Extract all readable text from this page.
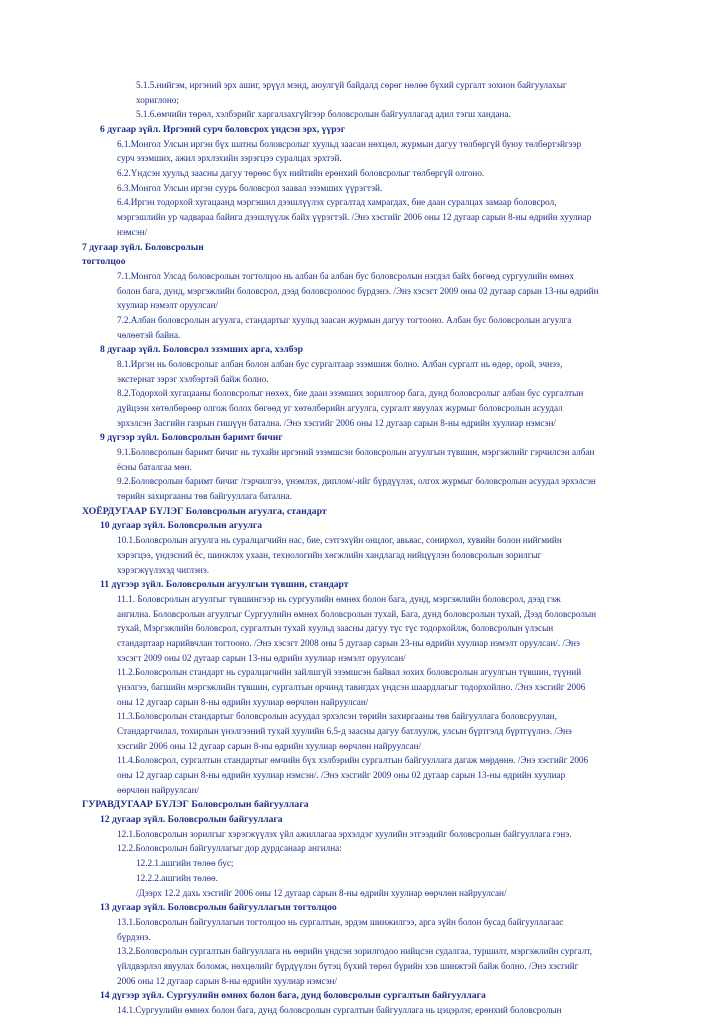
5.1.5.нийгэм, иргэний эрх ашиг, эрүүл мэнд, аюулгүй байдалд сөрөг нөлөө бүхий сургалт зохион байгуулахыг
хориглоно;
5.1.6.өмчийн төрөл, хэлбэрийг харгалзахгүйгээр боловсролын байгууллагад адил тэгш хандана.
6 дугаар зүйл. Иргэний сурч боловсрох үндсэн эрх, үүрэг
6.1.Монгол Улсын иргэн бүх шатны боловсролыг хуульд заасан нөхцөл, журмын дагуу төлбөргүй буюу төлбөртэйгээр
сурч эзэмших, ажил эрхлэхийн зэрэгцээ суралцах эрхтэй.
6.2.Үндсэн хуульд заасны дагуу төрөөс бүх нийтийн ерөнхий боловсролыг төлбөргүй олгоно.
6.3.Монгол Улсын иргэн суурь боловсрол заавал эзэмших үүрэгтэй.
6.4.Иргэн тодорхой хугацаанд мэргэшил дээшлүүлэх сургалтад хамрагдах, бие даан суралцах замаар боловсрол,
мэргэшлийн ур чадвараа байнга дээшлүүлж байх үүрэгтэй. /Энэ хэсгийг 2006 оны 12 дугаар сарын 8-ны өдрийн хуулиар
нэмсэн/
7 дугаар зүйл. Боловсролын
тогтолцоо
7.1.Монгол Улсад боловсролын тогтолцоо нь албан ба албан бус боловсролын нэгдэл байх бөгөөд сургуулийн өмнөх
болон бага, дунд, мэргэжлийн боловсрол, дээд боловсролоос бүрдэнэ. /Энэ хэсэгт 2009 оны 02 дугаар сарын 13-ны өдрийн
хуулиар нэмэлт оруулсан/
7.2.Албан боловсролын агуулга, стандартыг хуульд заасан журмын дагуу тогтооно. Албан бус боловсролын агуулга
чөлөөтэй байна.
8 дугаар зүйл. Боловсрол эзэмших арга, хэлбэр
8.1.Иргэн нь боловсролыг албан болон албан бус сургалтаар эзэмшиж болно. Албан сургалт нь өдөр, орой, эчнээ,
экстернат зэрэг хэлбэртэй байж болно.
8.2.Тодорхой хугацааны боловсролыг нөхөх, бие даан эзэмших зорилгоор бага, дунд боловсролыг албан бус сургалтын
дүйцээн хөтөлбөрөөр олгож болох бөгөөд уг хөтөлбөрийн агуулга, сургалт явуулах журмыг боловсролын асуудал
эрхэлсэн Засгийн газрын гишүүн батална. /Энэ хэсгийг 2006 оны 12 дугаар сарын 8-ны өдрийн хуулиар нэмсэн/
9 дүгээр зүйл. Боловсролын баримт бичиг
9.1.Боловсролын баримт бичиг нь тухайн иргэний эзэмшсэн боловсролын агуулгын түвшин, мэргэжлийг гэрчилсэн албан
ёсны баталгаа мөн.
9.2.Боловсролын баримт бичиг /гэрчилгээ, үнэмлэх, диплом/-ийг бүрдүүлэх, олгох журмыг боловсролын асуудал эрхэлсэн
төрийн захиргааны төв байгууллага батална.
ХОЁРДУГААР БҮЛЭГ Боловсролын агуулга, стандарт
10 дугаар зүйл. Боловсролын агуулга
10.1.Боловсролын агуулга нь суралцагчийн нас, бие, сэтгэхүйн онцлог, авьяас, сонирхол, хувийн болон нийгмийн
хэрэгцээ, үндэсний ёс, шинжлэх ухаан, технологийн хөгжлийн хандлагад нийцүүлэн боловсролын зорилгыг
хэрэгжүүлэхэд чиглэнэ.
11 дүгээр зүйл. Боловсролын агуулгын түвшин, стандарт
11.1. Боловсролын агуулгыг түвшингээр нь сургуулийн өмнөх болон бага, дунд, мэргэжлийн боловсрол, дээд гэж
ангилна. Боловсролын агуулгыг Сургуулийн өмнөх боловсролын тухай, Бага, дунд боловсролын тухай, Дээд боловсролын
тухай, Мэргэжлийн боловсрол, сургалтын тухай хуульд заасны дагуу түс түс тодорхойлж, боловсролын үлэсын
стандартаар нарийвчлан тогтооно. /Энэ хэсэгт 2008 оны 5 дугаар сарын 23-ны өдрийн хуулиар нэмэлт оруулсан/. /Энэ
хэсэгт 2009 оны 02 дугаар сарын 13-ны өдрийн хуулиар нэмэлт оруулсан/
11.2.Боловсролын стандарт нь суралцагчийн зайлшгүй эзэмшсэн байвал зохих боловсролын агуулгын түвшин, түүний
үнэлгээ, багшийн мэргэжлийн түвшин, сургалтын орчинд тавигдах үндсэн шаардлагыг тодорхойлно. /Энэ хэсгийг 2006
оны 12 дугаар сарын 8-ны өдрийн хуулиар өөрчлөн найруулсан/
11.3.Боловсролын стандартыг боловсролын асуудал эрхэлсэн төрийн захиргааны төв байгууллага боловсруулан,
Стандартчилал, тохирлын үнэлгээний тухай хуулийн 6.5-д заасны дагуу батлуулж, улсын бүртгэлд бүртгүүлнэ. /Энэ
хэсгийг 2006 оны 12 дугаар сарын 8-ны өдрийн хуулиар өөрчлөн найруулсан/
11.4.Боловсрол, сургалтын стандартыг өмчийн бүх хэлбэрийн сургалтын байгууллага дагаж мөрдөнө. /Энэ хэсгийг 2006
оны 12 дугаар сарын 8-ны өдрийн хуулиар нэмсэн/. /Энэ хэсгийг 2009 оны 02 дугаар сарын 13-ны өдрийн хуулиар
өөрчлөн найруулсан/
ГУРАВДУГААР БҮЛЭГ Боловсролын байгууллага
12 дугаар зүйл. Боловсролын байгууллага
12.1.Боловсролын зорилгыг хэрэгжүүлэх үйл ажиллагаа эрхэлдэг хуулийн этгээдийг боловсролын байгууллага гэнэ.
12.2.Боловсролын байгууллагыг дор дурдсанаар ангилна:
12.2.1.ашгийн төлөө бус;
12.2.2.ашгийн төлөө.
/Дээрх 12.2 дахь хэсгийг 2006 оны 12 дугаар сарын 8-ны өдрийн хуулиар өөрчлөн найруулсан/
13 дугаар зүйл. Боловсролын байгууллагын тогтолцоо
13.1.Боловсролын байгууллагын тогтолцоо нь сургалтын, эрдэм шинжилгээ, арга зүйн болон бусад байгууллагаас
бүрдэнэ.
13.2.Боловсролын сургалтын байгууллага нь өөрийн үндсэн зорилгодоо нийцсэн судалгаа, туршилт, мэргэжлийн сургалт,
үйлдвэрлэл явуулах боломж, нөхцөлийг бүрдүүлэн бүтэц бүхий төрөл бүрийн хэв шинжтэй байж болно. /Энэ хэсгийг
2006 оны 12 дугаар сарын 8-ны өдрийн хуулиар нэмсэн/
14 дүгээр зүйл. Сургуулийн өмнөх болон бага, дунд боловсролын сургалтын байгууллага
14.1.Сургуулийн өмнөх болон бага, дунд боловсролын сургалтын байгууллага нь цэцэрлэг, ерөнхий боловсролын
